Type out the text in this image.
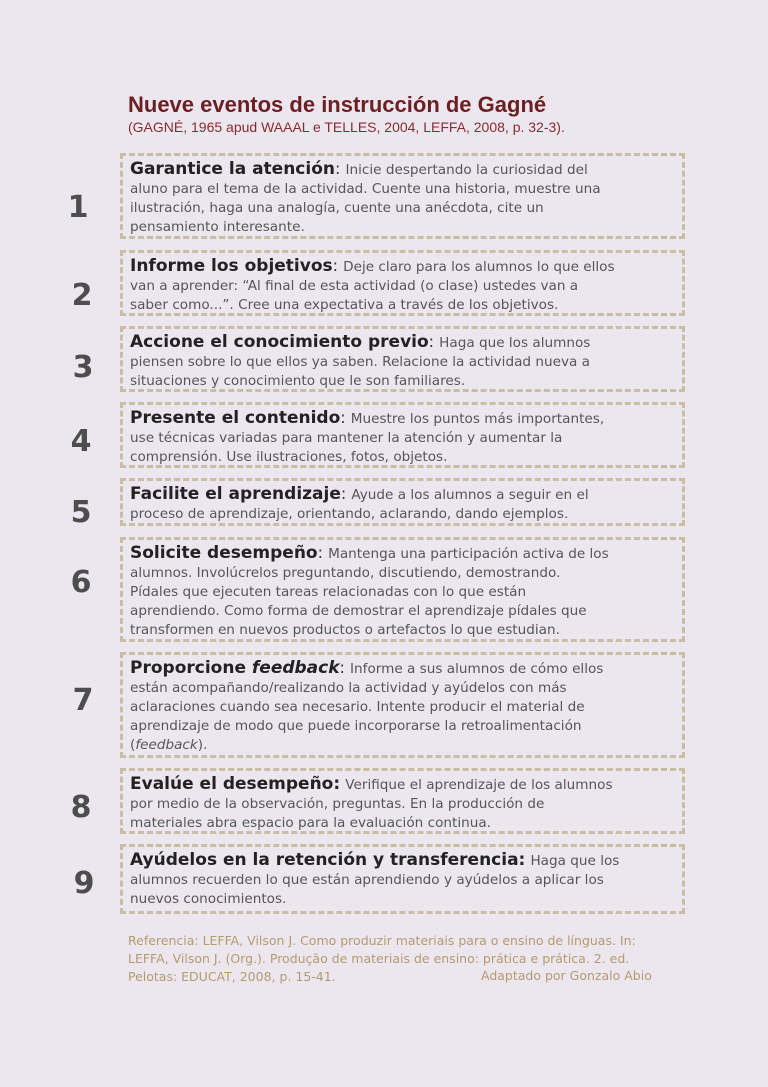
Nueve eventos de instrucción de Gagné
(GAGNÉ, 1965 apud WAAAL e TELLES, 2004, LEFFA, 2008, p. 32-3).
1
Garantice la atención: Inicie despertando la curiosidad del
aluno para el tema de la actividad. Cuente una historia, muestre una
ilustración, haga una analogía, cuente una anécdota, cite un
pensamiento interesante.
2
Informe los objetivos: Deje claro para los alumnos lo que ellos
van a aprender: “Al final de esta actividad (o clase) ustedes van a
saber como...”. Cree una expectativa a través de los objetivos.
3
Accione el conocimiento previo: Haga que los alumnos
piensen sobre lo que ellos ya saben. Relacione la actividad nueva a
situaciones y conocimiento que le son familiares.
4
Presente el contenido: Muestre los puntos más importantes,
use técnicas variadas para mantener la atención y aumentar la
comprensión. Use ilustraciones, fotos, objetos.
5
Facilite el aprendizaje: Ayude a los alumnos a seguir en el
proceso de aprendizaje, orientando, aclarando, dando ejemplos.
6
Solicite desempeño: Mantenga una participación activa de los
alumnos. Involúcrelos preguntando, discutiendo, demostrando.
Pídales que ejecuten tareas relacionadas con lo que están
aprendiendo. Como forma de demostrar el aprendizaje pídales que
transformen en nuevos productos o artefactos lo que estudian.
7
Proporcione feedback: Informe a sus alumnos de cómo ellos
están acompañando/realizando la actividad y ayúdelos con más
aclaraciones cuando sea necesario. Intente producir el material de
aprendizaje de modo que puede incorporarse la retroalimentación
(feedback).
8
Evalúe el desempeño: Verifique el aprendizaje de los alumnos
por medio de la observación, preguntas. En la producción de
materiales abra espacio para la evaluación continua.
9
Ayúdelos en la retención y transferencia: Haga que los
alumnos recuerden lo que están aprendiendo y ayúdelos a aplicar los
nuevos conocimientos.
Referencia: LEFFA, Vilson J. Como produzir materiais para o ensino de línguas. In:
LEFFA, Vilson J. (Org.). Produção de materiais de ensino: prática e prática. 2. ed.
Pelotas: EDUCAT, 2008, p. 15-41.	Adaptado por Gonzalo Abio
